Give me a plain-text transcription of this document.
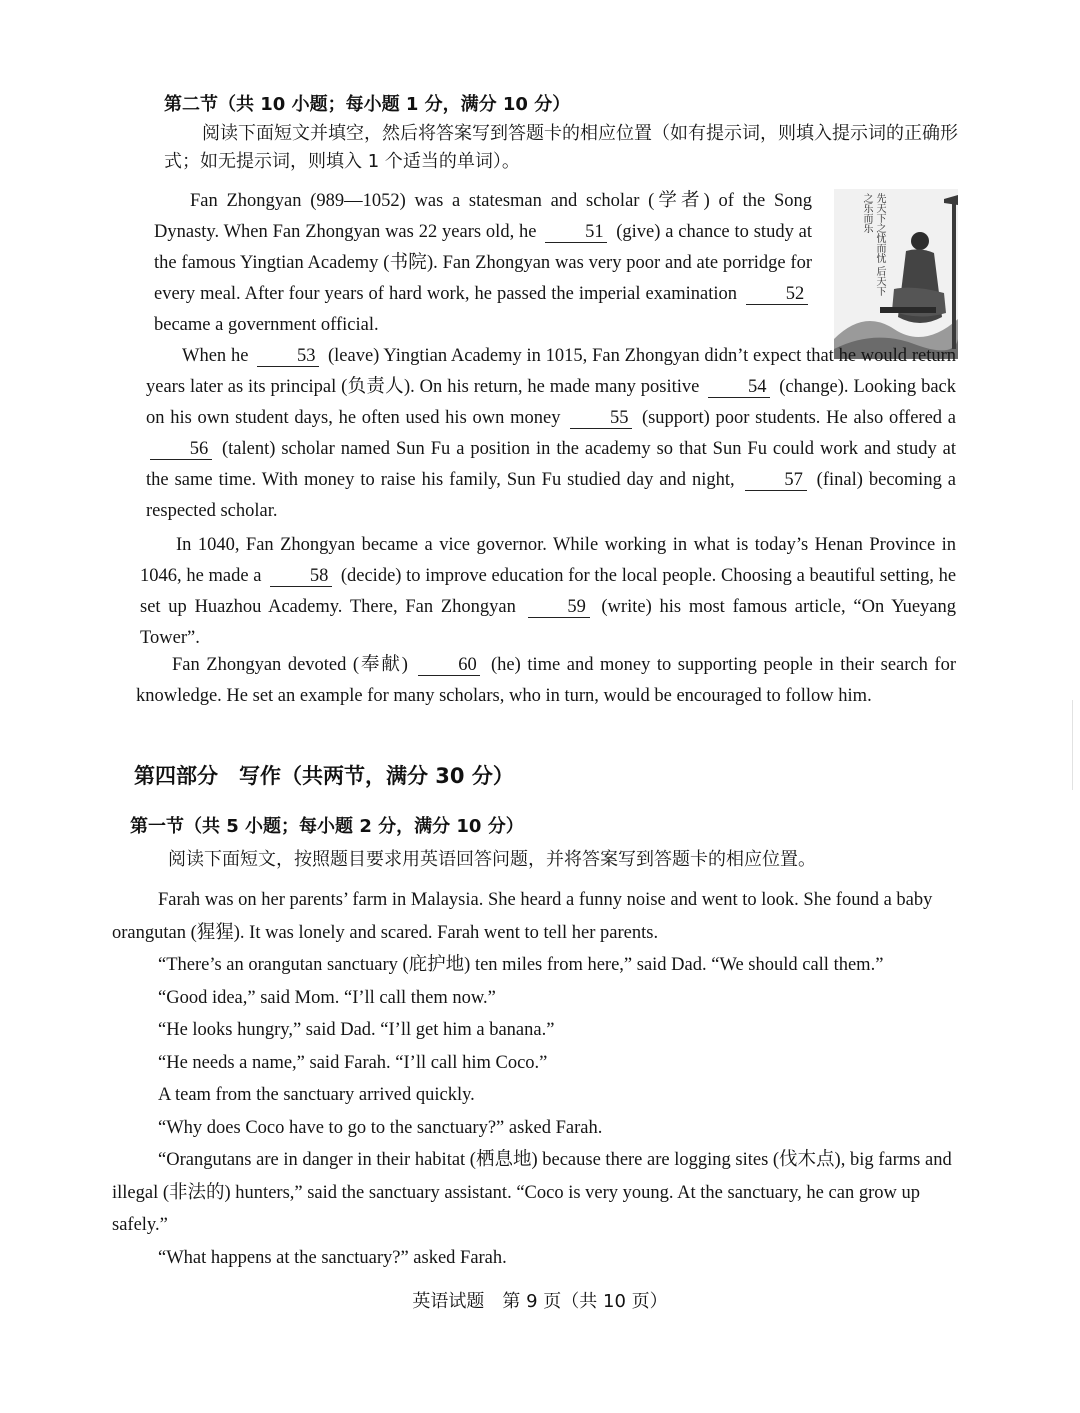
第二节（共 10 小题；每小题 1 分，满分 10 分）
阅读下面短文并填空，然后将答案写到答题卡的相应位置（如有提示词，则填入提示词的正确形式；如无提示词，则填入 1 个适当的单词）。
先天下之忧而忧 后天下之乐而乐

Fan Zhongyan (989—1052) was a statesman and scholar (学者) of the Song Dynasty. When Fan Zhongyan was 22 years old, he	51 (give) a chance to study at the famous Yingtian Academy (书院). Fan Zhongyan was very poor and ate porridge for every meal. After four years of hard work, he passed the imperial examination	52 became a government official.

When he	53 (leave) Yingtian Academy in 1015, Fan Zhongyan didn’t expect that he would return years later as its principal (负责人). On his return, he made many positive	54 (change). Looking back on his own student days, he often used his own money	55 (support) poor students. He also offered a 56 (talent) scholar named Sun Fu a position in the academy so that Sun Fu could work and study at the same time. With money to raise his family, Sun Fu studied day and night,	57 (final) becoming a respected scholar.

In 1040, Fan Zhongyan became a vice governor. While working in what is today’s Henan Province in 1046, he made a	58 (decide) to improve education for the local people. Choosing a beautiful setting, he set up Huazhou Academy. There, Fan Zhongyan	59 (write) his most famous article, “On Yueyang Tower”.

Fan Zhongyan devoted (奉献)	60 (he) time and money to supporting people in their search for knowledge. He set an example for many scholars, who in turn, would be encouraged to follow him.

第四部分　写作（共两节，满分 30 分）
第一节（共 5 小题；每小题 2 分，满分 10 分）
阅读下面短文，按照题目要求用英语回答问题，并将答案写到答题卡的相应位置。

Farah was on her parents’ farm in Malaysia. She heard a funny noise and went to look. She found a baby orangutan (猩猩). It was lonely and scared. Farah went to tell her parents.

“There’s an orangutan sanctuary (庇护地) ten miles from here,” said Dad. “We should call them.”

“Good idea,” said Mom. “I’ll call them now.”

“He looks hungry,” said Dad. “I’ll get him a banana.”

“He needs a name,” said Farah. “I’ll call him Coco.”

A team from the sanctuary arrived quickly.

“Why does Coco have to go to the sanctuary?” asked Farah.

“Orangutans are in danger in their habitat (栖息地) because there are logging sites (伐木点), big farms and illegal (非法的) hunters,” said the sanctuary assistant. “Coco is very young. At the sanctuary, he can grow up safely.”

“What happens at the sanctuary?” asked Farah.

英语试题　第 9 页（共 10 页）
